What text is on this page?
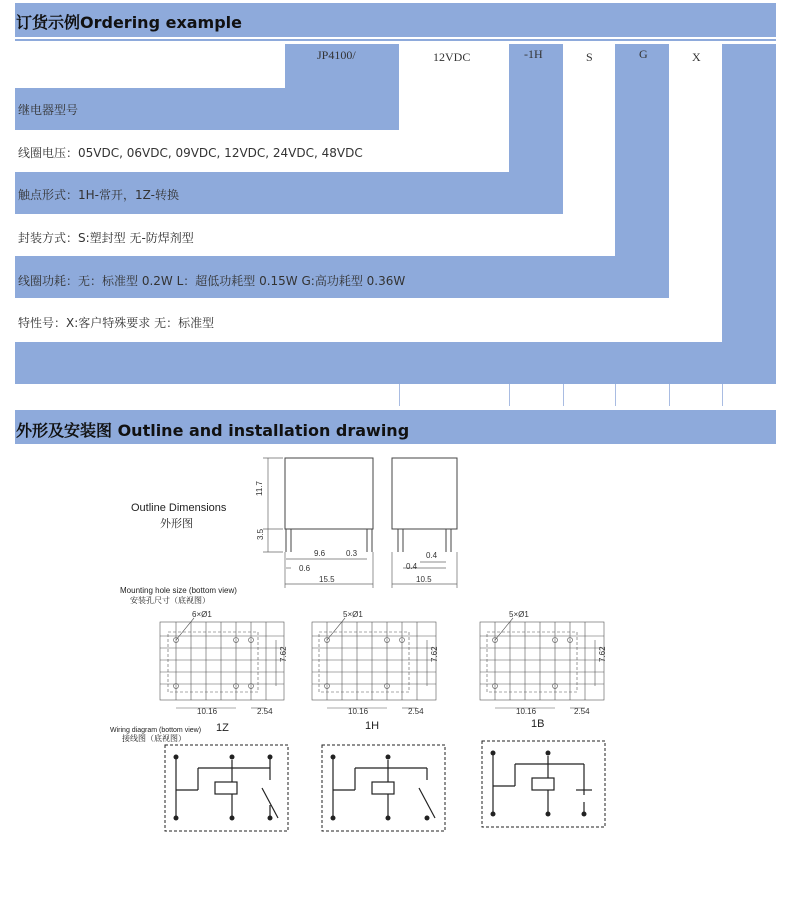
订货示例Ordering example
JP4100/	12VDC	-1H	S	G	X
继电器型号
线圈电压：05VDC, 06VDC, 09VDC, 12VDC, 24VDC, 48VDC
触点形式：1H-常开，1Z-转换
封装方式：S:塑封型 无-防焊剂型
线圈功耗：无：标准型 0.2W L：超低功耗型 0.15W G:高功耗型 0.36W
特性号：X:客户特殊要求 无：标准型
外形及安装图 Outline and installation drawing
11.7
3.5
9.6	0.3
0.6
15.5
0.4
0.4
10.5
Outline Dimensions
外形图
Mounting hole size (bottom view)
安装孔尺寸（底视图）
6×Ø1
7.62
10.16	2.54
5×Ø1
7.62
10.16	2.54
5×Ø1
7.62
10.16	2.54
Wiring diagram (bottom view)
接线图（底视图）
1Z	1H	1B
